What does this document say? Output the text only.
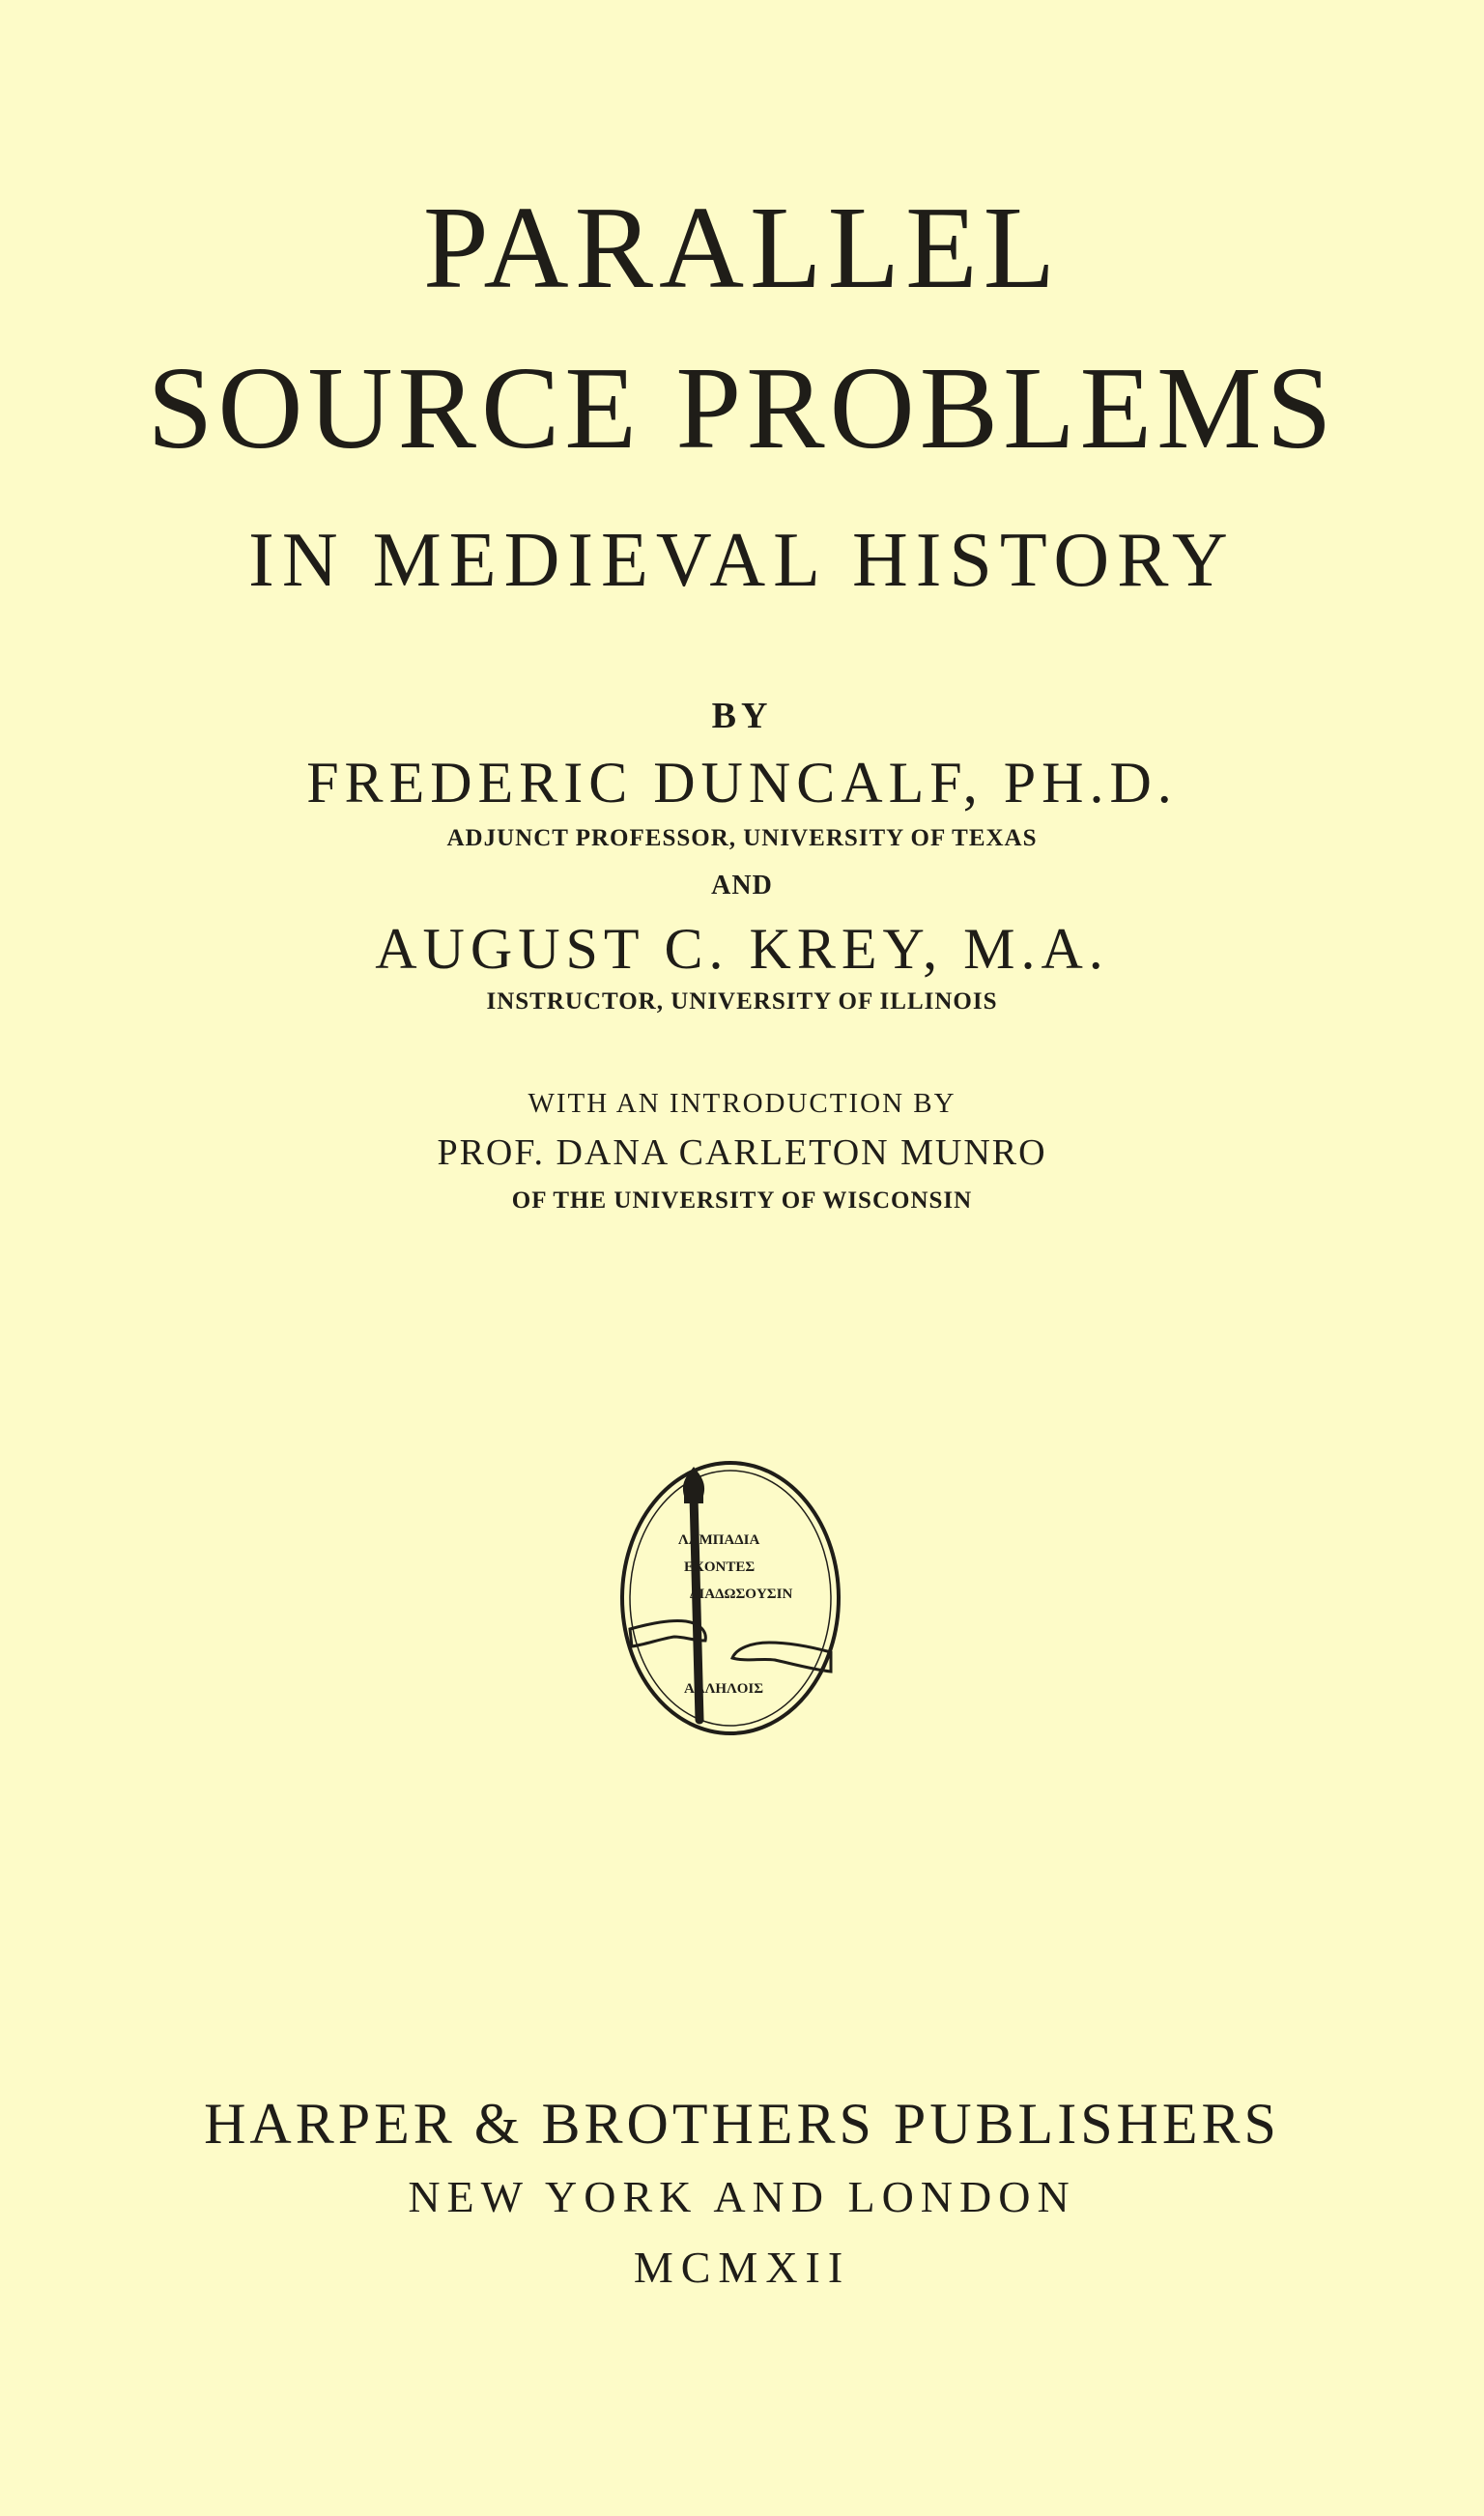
PARALLEL
SOURCE PROBLEMS
IN MEDIEVAL HISTORY
BY
FREDERIC DUNCALF, PH.D.
ADJUNCT PROFESSOR, UNIVERSITY OF TEXAS
AND
AUGUST C. KREY, M.A.
INSTRUCTOR, UNIVERSITY OF ILLINOIS
WITH AN INTRODUCTION BY
PROF. DANA CARLETON MUNRO
OF THE UNIVERSITY OF WISCONSIN
ΛAMΠAΔIA
EXONTEΣ
ΔIAΔΩΣOYΣIN
AΛΛHΛOIΣ
HARPER & BROTHERS PUBLISHERS
NEW YORK AND LONDON
MCMXII
